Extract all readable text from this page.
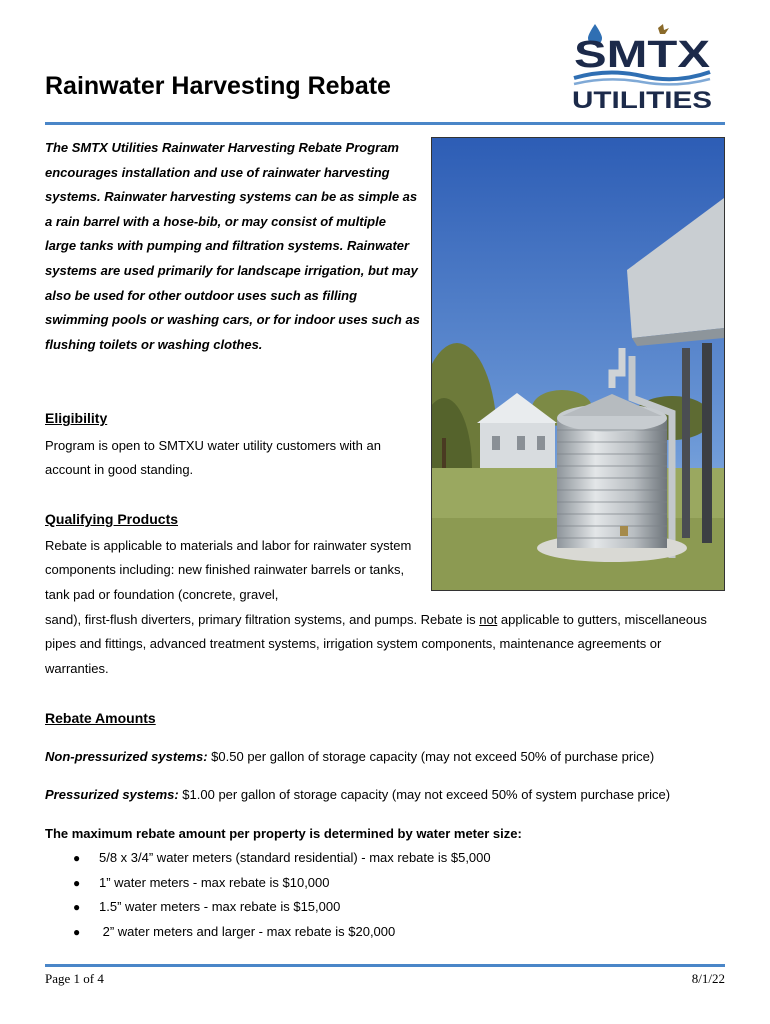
Rainwater Harvesting Rebate
SMTX
UTILITIES

The SMTX Utilities Rainwater Harvesting Rebate Program encourages installation and use of rainwater harvesting systems. Rainwater harvesting systems can be as simple as a rain barrel with a hose-bib, or may consist of multiple large tanks with pumping and filtration systems. Rainwater systems are used primarily for landscape irrigation, but may also be used for other outdoor uses such as filling swimming pools or washing cars, or for indoor uses such as flushing toilets or washing clothes.

Eligibility

Program is open to SMTXU water utility customers with an account in good standing.

Qualifying Products

Rebate is applicable to materials and labor for rainwater system components including: new finished rainwater barrels or tanks, tank pad or foundation (concrete, gravel,

sand), first-flush diverters, primary filtration systems, and pumps. Rebate is not applicable to gutters, miscellaneous pipes and fittings, advanced treatment systems, irrigation system components, maintenance agreements or warranties.

Rebate Amounts

Non-pressurized systems: $0.50 per gallon of storage capacity (may not exceed 50% of purchase price)

Pressurized systems: $1.00 per gallon of storage capacity (may not exceed 50% of system purchase price)

The maximum rebate amount per property is determined by water meter size:

●	5/8 x 3/4” water meters (standard residential) - max rebate is $5,000
●	1” water meters - max rebate is $10,000
●	1.5” water meters - max rebate is $15,000
●	2” water meters and larger - max rebate is $20,000
Page 1 of 4	8/1/22
